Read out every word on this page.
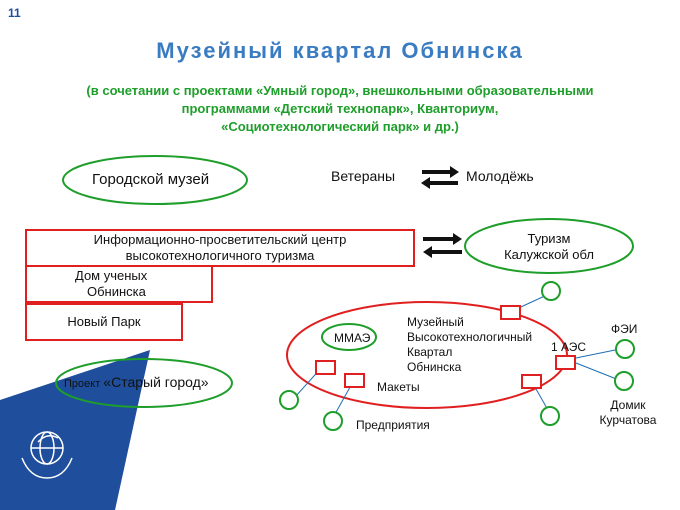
11
Музейный квартал Обнинска
(в сочетании с проектами «Умный город», внешкольными образовательными
программами «Детский технопарк», Кванториум,
«Социотехнологический парк» и др.)
Городской музей	Ветераны	Молодёжь
Информационно-просветительский центр
высокотехнологичного туризма
Дом ученых
Обнинска
Новый Парк
Туризм
Калужской обл
Проект «Старый город»
ММАЭ
Музейный
Высокотехнологичный
Квартал
Обнинска
1 АЭС
ФЭИ
Макеты
Предприятия
Домик
Курчатова
